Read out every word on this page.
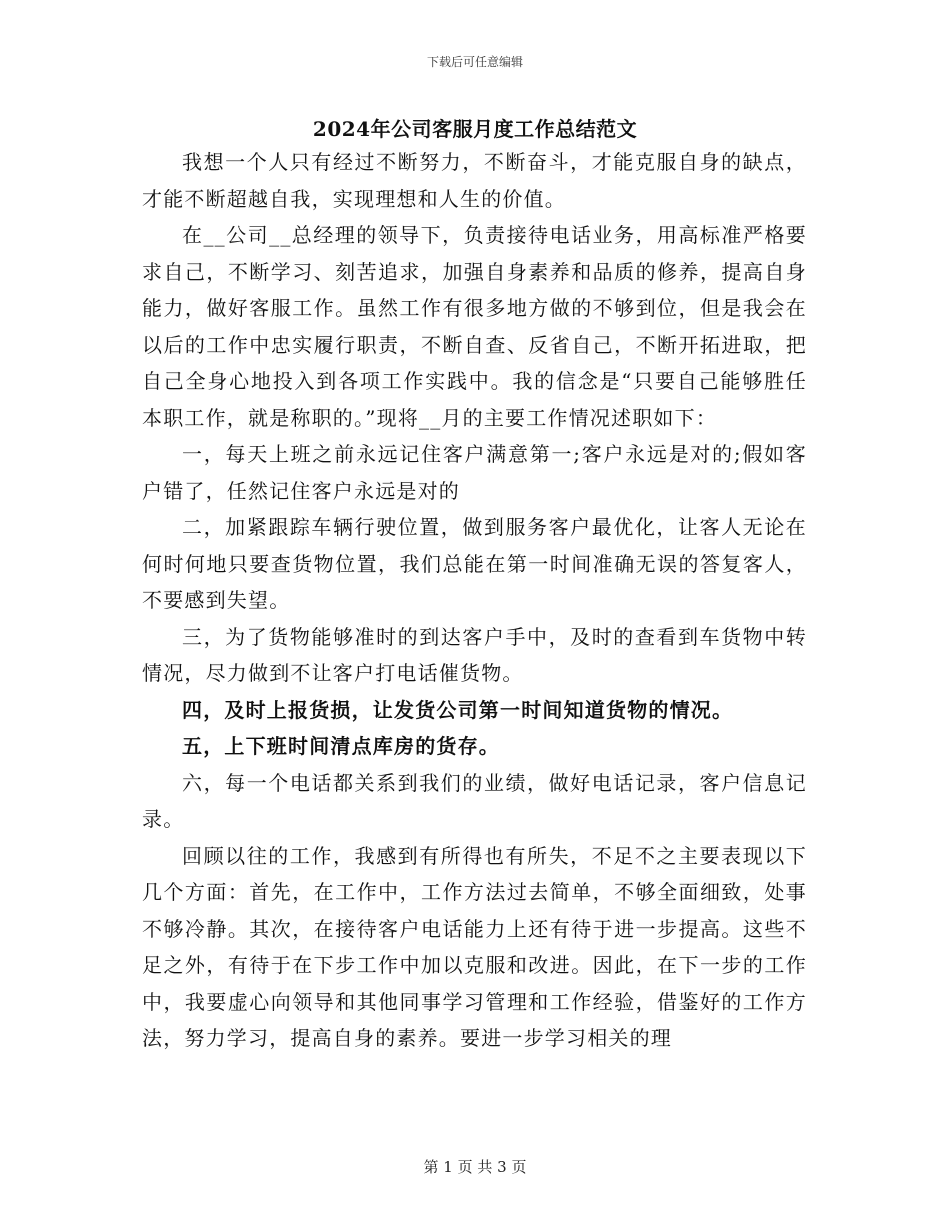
下载后可任意编辑
2024年公司客服月度工作总结范文

我想一个人只有经过不断努力，不断奋斗，才能克服自身的缺点，才能不断超越自我，实现理想和人生的价值。

在__公司__总经理的领导下，负责接待电话业务，用高标准严格要求自己，不断学习、刻苦追求，加强自身素养和品质的修养，提高自身能力，做好客服工作。虽然工作有很多地方做的不够到位，但是我会在以后的工作中忠实履行职责，不断自查、反省自己，不断开拓进取，把自己全身心地投入到各项工作实践中。我的信念是“只要自己能够胜任本职工作，就是称职的。”现将__月的主要工作情况述职如下：

一，每天上班之前永远记住客户满意第一;客户永远是对的;假如客户错了，任然记住客户永远是对的

二，加紧跟踪车辆行驶位置，做到服务客户最优化，让客人无论在何时何地只要查货物位置，我们总能在第一时间准确无误的答复客人，不要感到失望。

三，为了货物能够准时的到达客户手中，及时的查看到车货物中转情况，尽力做到不让客户打电话催货物。

四，及时上报货损，让发货公司第一时间知道货物的情况。

五，上下班时间清点库房的货存。

六，每一个电话都关系到我们的业绩，做好电话记录，客户信息记录。

回顾以往的工作，我感到有所得也有所失，不足不之主要表现以下几个方面：首先，在工作中，工作方法过去简单，不够全面细致，处事不够冷静。其次，在接待客户电话能力上还有待于进一步提高。这些不足之外，有待于在下步工作中加以克服和改进。因此，在下一步的工作中，我要虚心向领导和其他同事学习管理和工作经验，借鉴好的工作方法，努力学习，提高自身的素养。要进一步学习相关的理

第 1 页 共 3 页
